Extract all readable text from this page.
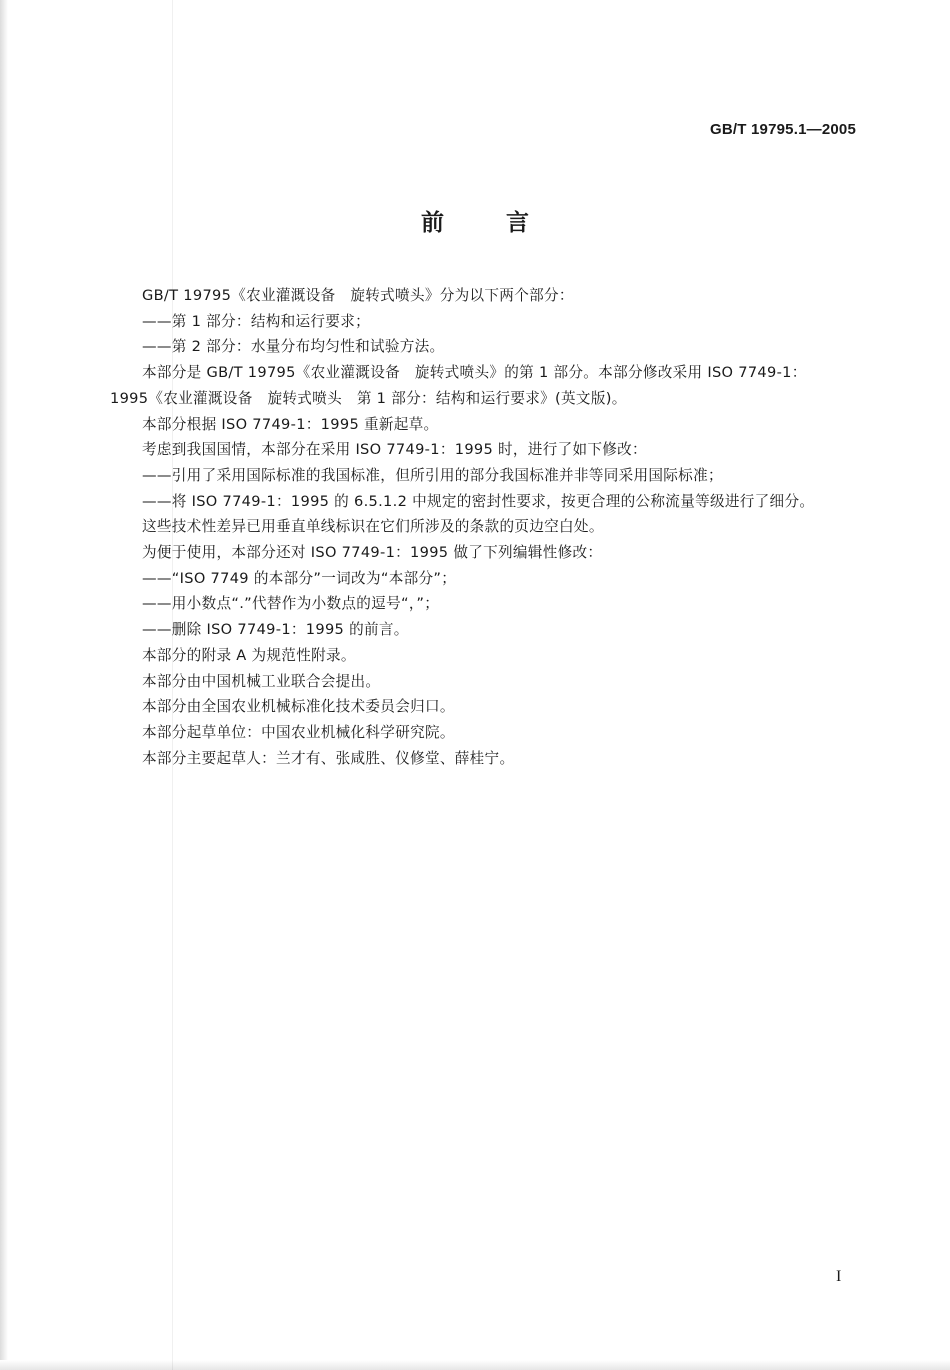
GB/T 19795.1—2005
前言

GB/T 19795《农业灌溉设备　旋转式喷头》分为以下两个部分：

——第 1 部分：结构和运行要求；

——第 2 部分：水量分布均匀性和试验方法。

本部分是 GB/T 19795《农业灌溉设备　旋转式喷头》的第 1 部分。本部分修改采用 ISO 7749-1：

1995《农业灌溉设备　旋转式喷头　第 1 部分：结构和运行要求》(英文版)。

本部分根据 ISO 7749-1：1995 重新起草。

考虑到我国国情，本部分在采用 ISO 7749-1：1995 时，进行了如下修改：

——引用了采用国际标准的我国标准，但所引用的部分我国标准并非等同采用国际标准；

——将 ISO 7749-1：1995 的 6.5.1.2 中规定的密封性要求，按更合理的公称流量等级进行了细分。

这些技术性差异已用垂直单线标识在它们所涉及的条款的页边空白处。

为便于使用，本部分还对 ISO 7749-1：1995 做了下列编辑性修改：

——“ISO 7749 的本部分”一词改为“本部分”；

——用小数点“.”代替作为小数点的逗号“，”；

——删除 ISO 7749-1：1995 的前言。

本部分的附录 A 为规范性附录。

本部分由中国机械工业联合会提出。

本部分由全国农业机械标准化技术委员会归口。

本部分起草单位：中国农业机械化科学研究院。

本部分主要起草人：兰才有、张咸胜、仪修堂、薛桂宁。

I
